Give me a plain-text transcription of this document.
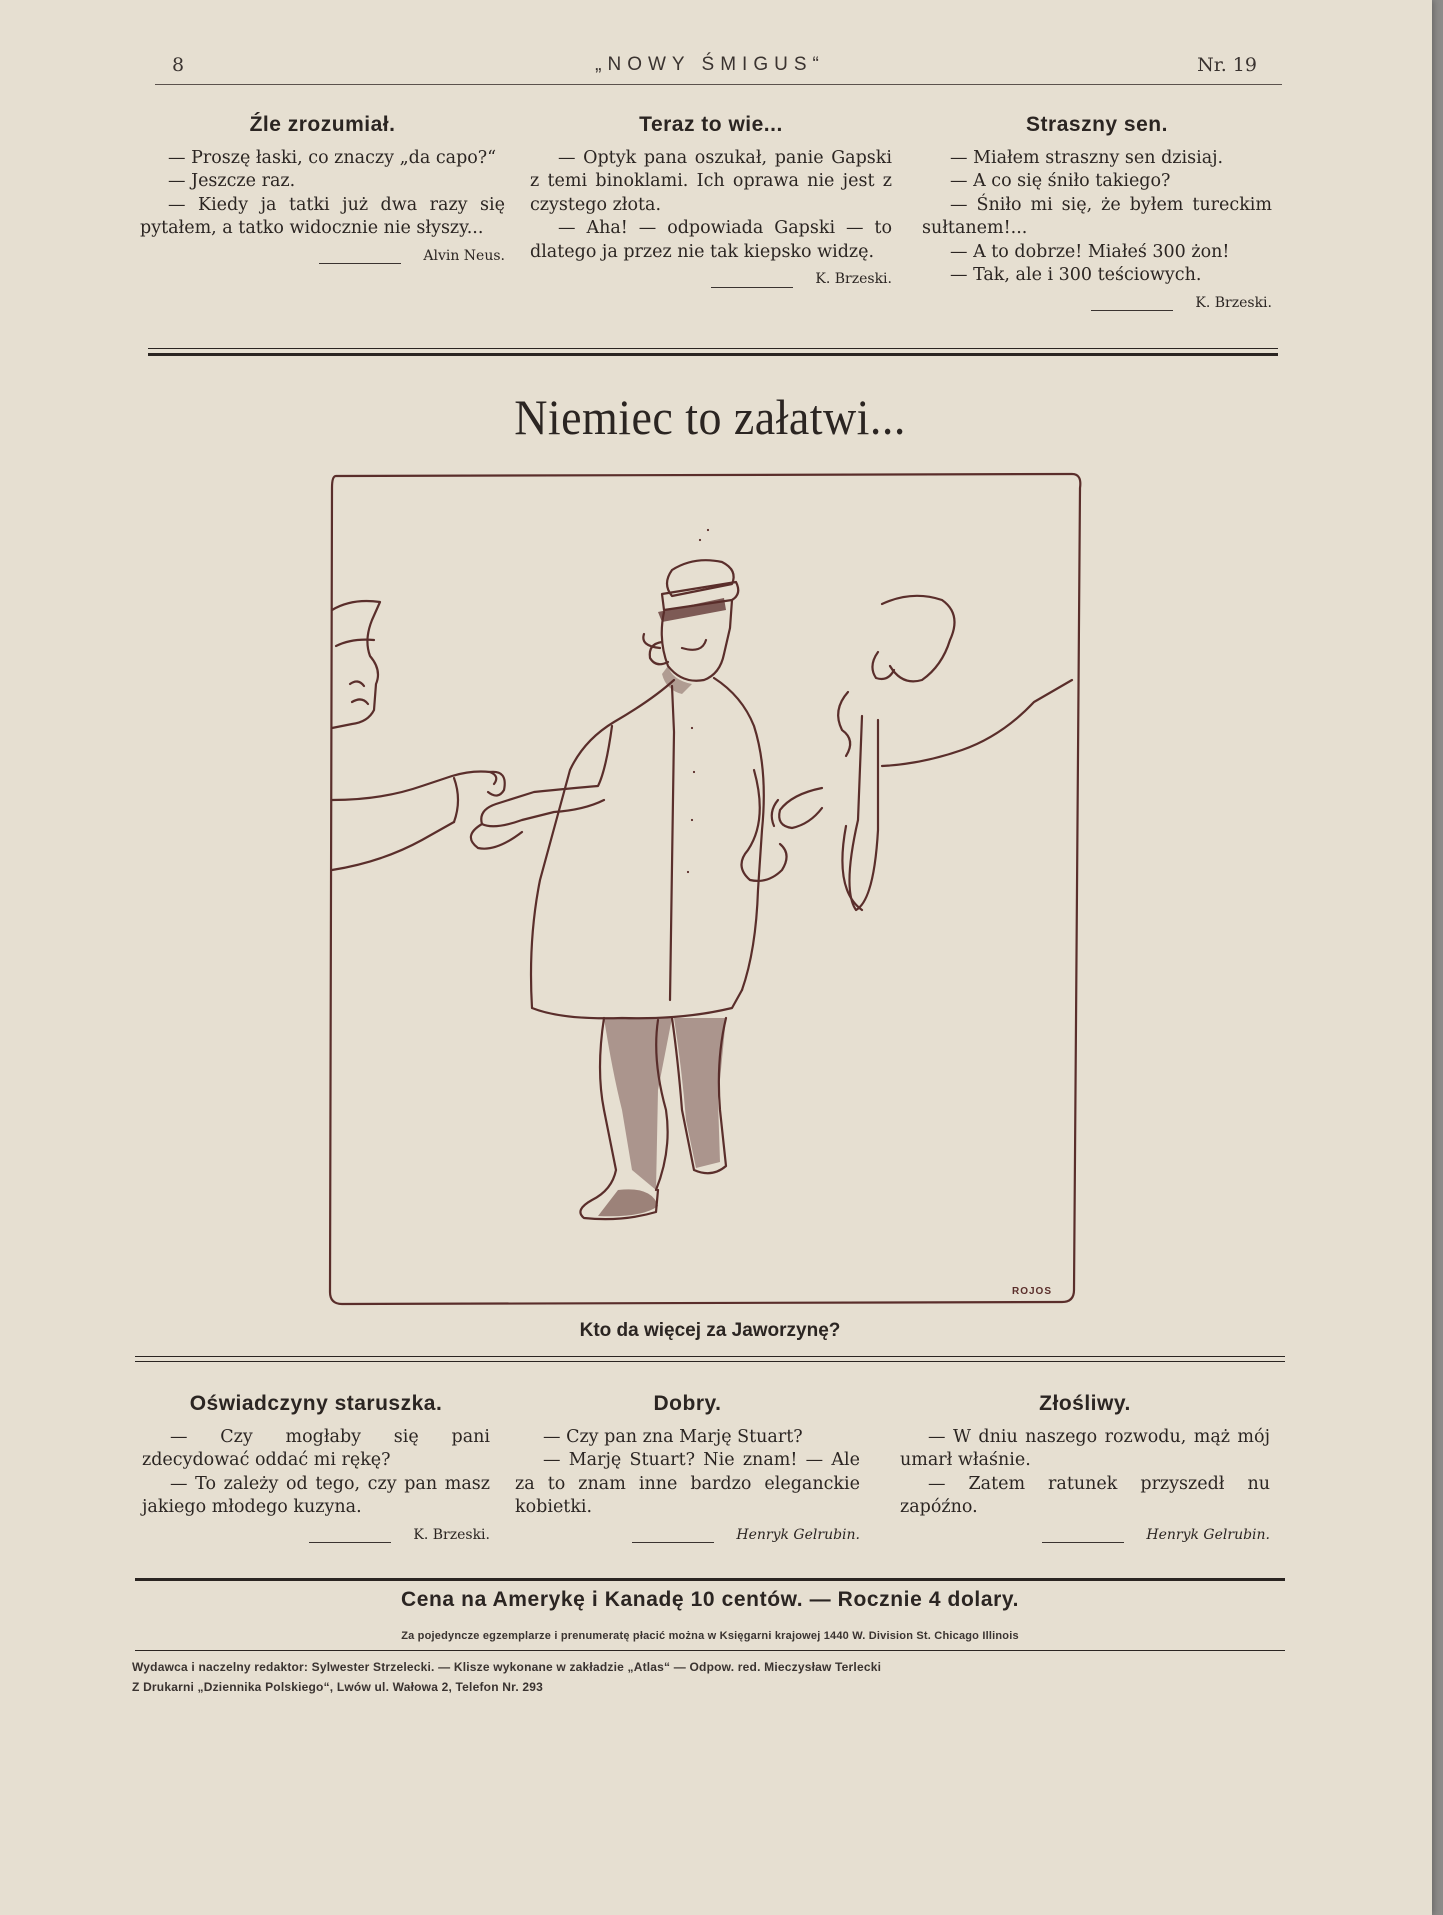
8	„NOWY ŚMIGUS“	Nr. 19
Źle zrozumiał.

— Proszę łaski, co znaczy „da capo?“

— Jeszcze raz.

— Kiedy ja tatki już dwa razy się pytałem, a tatko widocznie nie słyszy...

Alvin Neus.
Teraz to wie...

— Optyk pana oszukał, panie Gapski z temi binoklami. Ich oprawa nie jest z czystego złota.

— Aha! — odpowiada Gapski — to dlatego ja przez nie tak kiepsko widzę.

K. Brzeski.
Straszny sen.

— Miałem straszny sen dzisiaj.

— A co się śniło takiego?

— Śniło mi się, że byłem tureckim sułtanem!...

— A to dobrze! Miałeś 300 żon!

— Tak, ale i 300 teściowych.

K. Brzeski.
Niemiec to załatwi...
ROJOS
Kto da więcej za Jaworzynę?
Oświadczyny staruszka.

— Czy mogłaby się pani zdecydować oddać mi rękę?

— To zależy od tego, czy pan masz jakiego młodego kuzyna.

K. Brzeski.
Dobry.

— Czy pan zna Marję Stuart?

— Marję Stuart? Nie znam! — Ale za to znam inne bardzo eleganckie kobietki.

Henryk Gelrubin.
Złośliwy.

— W dniu naszego rozwodu, mąż mój umarł właśnie.

— Zatem ratunek przyszedł nu zapóźno.

Henryk Gelrubin.
Cena na Amerykę i Kanadę 10 centów. — Rocznie 4 dolary.
Za pojedyncze egzemplarze i prenumeratę płacić można w Księgarni krajowej 1440 W. Division St. Chicago Illinois
Wydawca i naczelny redaktor: Sylwester Strzelecki. — Klisze wykonane w zakładzie „Atlas“ — Odpow. red. Mieczysław Terlecki
Z Drukarni „Dziennika Polskiego“, Lwów ul. Wałowa 2, Telefon Nr. 293
